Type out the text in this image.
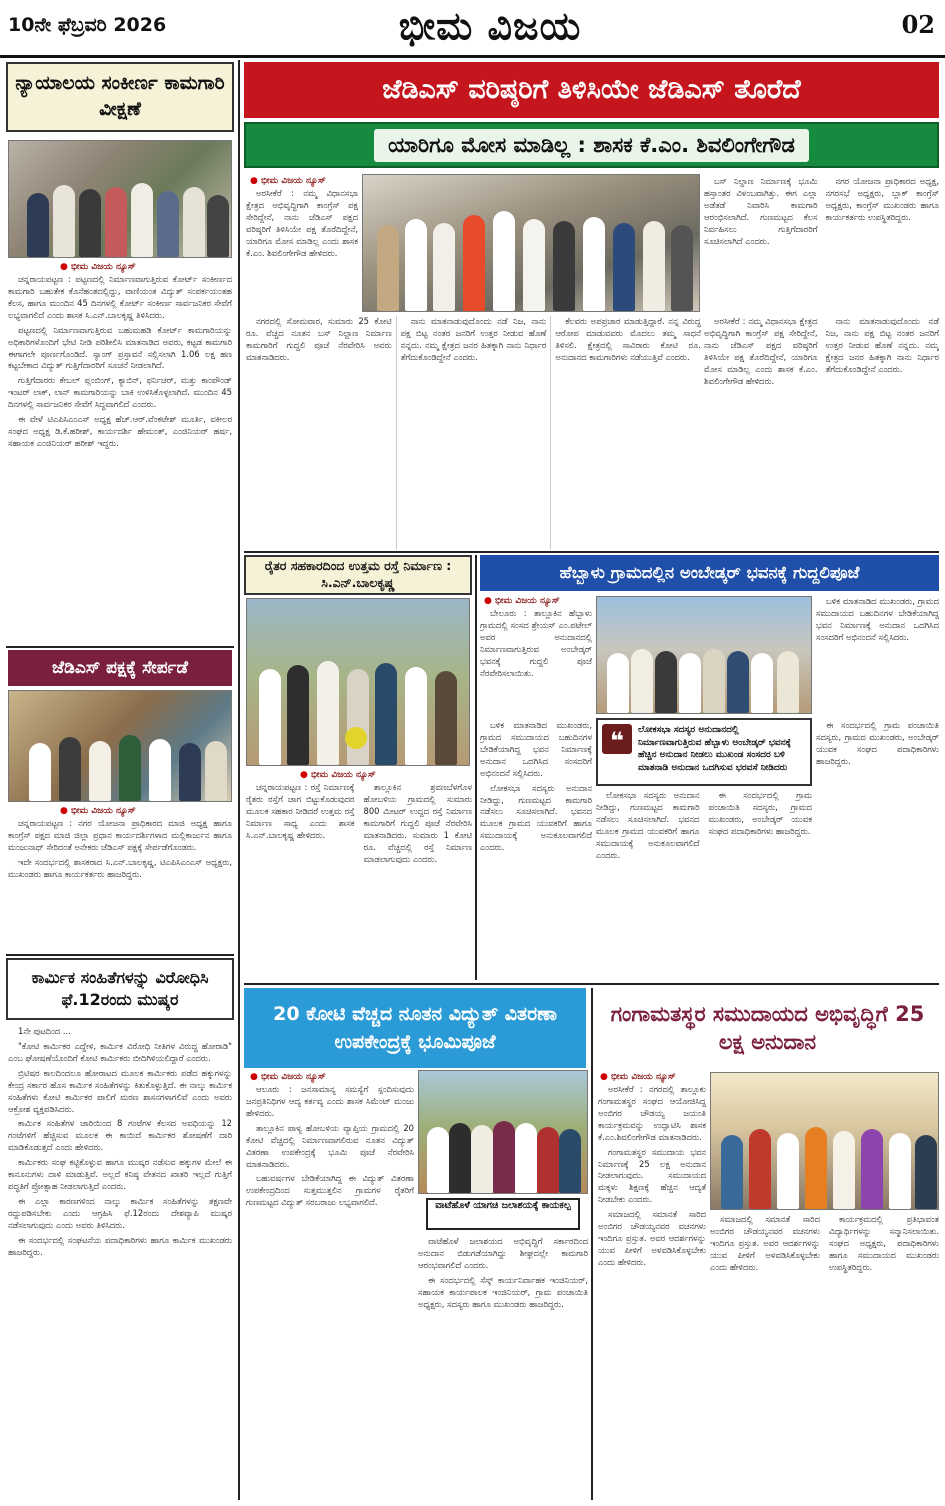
10ನೇ ಫೆಬ್ರವರಿ 2026	ಭೀಮ ವಿಜಯ	02
ನ್ಯಾಯಾಲಯ ಸಂಕೀರ್ಣ ಕಾಮಗಾರಿ ವೀಕ್ಷಣೆ
● ಭೀಮ ವಿಜಯ ನ್ಯೂಸ್

ಚನ್ನರಾಯಪಟ್ಟಣ : ಪಟ್ಟಣದಲ್ಲಿ ನಿರ್ಮಾಣವಾಗುತ್ತಿರುವ ಕೋರ್ಟ್ ಸಂಕೀರ್ಣದ ಕಾಮಗಾರಿ ಬಹುತೇಕ ಕೊನೆಹಂತದಲ್ಲಿದ್ದು, ವಾಣಿಯಂತ ವಿದ್ಯುತ್ ಸಂಪರ್ಕಯಂತಹ ಕೆಲಸ, ಹಾಗೂ ಮುಂದಿನ 45 ದಿನಗಳಲ್ಲಿ ಕೋರ್ಟ್ ಸಂಕೀರ್ಣ ಸಾರ್ವಜನಿಕರ ಸೇವೆಗೆ ಲಭ್ಯವಾಗಲಿದೆ ಎಂದು ಶಾಸಕ ಸಿ.ಎನ್.ಬಾಲಕೃಷ್ಣ ತಿಳಿಸಿದರು.

ಪಟ್ಟಣದಲ್ಲಿ ನಿರ್ಮಾಣವಾಗುತ್ತಿರುವ ಬಹುಮಹಡಿ ಕೋರ್ಟ್ ಕಾಮಗಾರಿಯನ್ನು ಅಧಿಕಾರಿಗಳೊಂದಿಗೆ ಭೇಟಿ ನೀಡಿ ಪರಿಶೀಲಿಸಿ ಮಾತನಾಡಿದ ಅವರು, ಕಟ್ಟಡ ಕಾಮಗಾರಿ ಈಗಾಗಲೇ ಪೂರ್ಣಗೊಂಡಿದೆ. ಸ್ಯಾಂಗ್ ಪ್ರಸ್ತಾವನೆ ಸಲ್ಲಿಸಲಾಗಿ 1.06 ಲಕ್ಷ ಹಣ ಕಟ್ಟಬೇಕಾದ ವಿದ್ಯುತ್ ಗುತ್ತಿಗೆದಾರರಿಗೆ ಸೂಚನೆ ನೀಡಲಾಗಿದೆ.

ಗುತ್ತಿಗೆದಾರರು ಕೇಬಲ್ ಪ್ಲಂಬಿಂಗ್, ಕ್ಯಾಬಿನ್, ಫರ್ನಿಚರ್, ಮತ್ತು ಕಾಂಪೌಂಡ್ ಇಂಟರ್ ಲಾಕ್, ಲಾನ್ ಕಾಮಗಾರಿಯನ್ನು ಬಾಕಿ ಉಳಿಸಿಕೊಳ್ಳಲಾಗಿದೆ. ಮುಂದಿನ 45 ದಿನಗಳಲ್ಲಿ ಸಾರ್ವಜನಿಕರ ಸೇವೆಗೆ ಸಿದ್ಧವಾಗಲಿದೆ ಎಂದರು.

ಈ ವೇಳೆ ಟಿಎಪಿಸಿಎಂಎಸ್ ಅಧ್ಯಕ್ಷ ಹೆಚ್.ಆರ್.ವೆಂಕಟೇಶ್ ಮೂರ್ತಿ, ವಕೀಲರ ಸಂಘದ ಅಧ್ಯಕ್ಷ ಡಿ.ಕೆ.ಹರೀಶ್, ಕಾರ್ಯದರ್ಶಿ ಹೇಮಂತ್, ಎಂಜಿನಿಯರ್ ಹರ್ಷ, ಸಹಾಯಕ ಎಂಜಿನಿಯರ್ ಹರೀಶ್ ಇದ್ದರು.

ಜೆಡಿಎಸ್ ಪಕ್ಷಕ್ಕೆ ಸೇರ್ಪಡೆ
● ಭೀಮ ವಿಜಯ ನ್ಯೂಸ್

ಚನ್ನರಾಯಪಟ್ಟಣ : ನಗರ ಯೋಜನಾ ಪ್ರಾಧಿಕಾರದ ಮಾಜಿ ಅಧ್ಯಕ್ಷ ಹಾಗೂ ಕಾಂಗ್ರೆಸ್ ಪಕ್ಷದ ಮಾಜಿ ಜಿಲ್ಲಾ ಪ್ರಧಾನ ಕಾರ್ಯದರ್ಶಿಗಳಾದ ಮಲ್ಲಿಕಾರ್ಜುನ ಹಾಗೂ ಮಂಜುನಾಥ್ ಸೇರಿದಂತೆ ಅನೇಕರು ಜೆಡಿಎಸ್ ಪಕ್ಷಕ್ಕೆ ಸೇರ್ಪಡೆಗೊಂಡರು.

ಇದೇ ಸಂದರ್ಭದಲ್ಲಿ ಶಾಸಕರಾದ ಸಿ.ಎನ್.ಬಾಲಕೃಷ್ಣ, ಟಿಎಪಿಸಿಎಂಎಸ್ ಅಧ್ಯಕ್ಷರು, ಮುಖಂಡರು ಹಾಗೂ ಕಾರ್ಯಕರ್ತರು ಹಾಜರಿದ್ದರು.

ಕಾರ್ಮಿಕ ಸಂಹಿತೆಗಳನ್ನು ವಿರೋಧಿಸಿ ಫೆ.12ರಂದು ಮುಷ್ಕರ

1ನೇ ಪುಟದಿಂದ ...

"ಕೋಟಿ ಕಾರ್ಮಿಕರ ಎದ್ದೇಳಿ, ಕಾರ್ಮಿಕ ವಿರೋಧಿ ನೀತಿಗಳ ವಿರುದ್ಧ ಹೋರಾಡಿ" ಎಂಬ ಘೋಷಣೆಯೊಂದಿಗೆ ಕೋಟಿ ಕಾರ್ಮಿಕರು ಬೀದಿಗಿಳಿಯಲಿದ್ದಾರೆ ಎಂದರು.

ಬ್ರಿಟಿಷರ ಕಾಲದಿಂದಲೂ ಹೋರಾಟದ ಮೂಲಕ ಕಾರ್ಮಿಕರು ಪಡೆದ ಹಕ್ಕುಗಳನ್ನು ಕೇಂದ್ರ ಸರ್ಕಾರ ಹೊಸ ಕಾರ್ಮಿಕ ಸಂಹಿತೆಗಳನ್ನು ಕಿತುಕೊಳ್ಳುತ್ತಿದೆ. ಈ ನಾಲ್ಕು ಕಾರ್ಮಿಕ ಸಂಹಿತೆಗಳು ಕೋಟಿ ಕಾರ್ಮಿಕರ ಪಾಲಿಗೆ ಮರಣ ಶಾಸನಗಳಾಗಲಿವೆ ಎಂದು ಅವರು ಆಕ್ರೋಶ ವ್ಯಕ್ತಪಡಿಸಿದರು.

ಕಾರ್ಮಿಕ ಸಂಹಿತೆಗಳ ಜಾರಿಯಿಂದ 8 ಗಂಟೆಗಳ ಕೆಲಸದ ಅವಧಿಯನ್ನು 12 ಗಂಟೆಗಳಿಗೆ ಹೆಚ್ಚಿಸುವ ಮೂಲಕ ಈ ಕಾಯಿದೆ ಕಾರ್ಮಿಕರ ಶೋಷಣೆಗೆ ದಾರಿ ಮಾಡಿಕೊಡುತ್ತದೆ ಎಂದು ಹೇಳಿದರು.

ಕಾರ್ಮಿಕರು ಸಂಘ ಕಟ್ಟಿಕೊಳ್ಳುವ ಹಾಗೂ ಮುಷ್ಕರ ನಡೆಸುವ ಹಕ್ಕುಗಳ ಮೇಲೆ ಈ ಕಾನೂನುಗಳು ದಾಳಿ ಮಾಡುತ್ತಿವೆ. ಅಲ್ಲದೆ ಕನಿಷ್ಠ ವೇತನದ ಖಾತರಿ ಇಲ್ಲದೆ ಗುತ್ತಿಗೆ ಪದ್ಧತಿಗೆ ಪ್ರೋತ್ಸಾಹ ನೀಡಲಾಗುತ್ತಿದೆ ಎಂದರು.

ಈ ಎಲ್ಲಾ ಕಾರಣಗಳಿಂದ ನಾಲ್ಕು ಕಾರ್ಮಿಕ ಸಂಹಿತೆಗಳನ್ನು ತಕ್ಷಣವೇ ರದ್ದುಪಡಿಸಬೇಕು ಎಂದು ಆಗ್ರಹಿಸಿ ಫೆ.12ರಂದು ದೇಶವ್ಯಾಪಿ ಮುಷ್ಕರ ನಡೆಸಲಾಗುವುದು ಎಂದು ಅವರು ತಿಳಿಸಿದರು.

ಈ ಸಂದರ್ಭದಲ್ಲಿ ಸಂಘಟನೆಯ ಪದಾಧಿಕಾರಿಗಳು ಹಾಗೂ ಕಾರ್ಮಿಕ ಮುಖಂಡರು ಹಾಜರಿದ್ದರು.

ಜೆಡಿಎಸ್ ವರಿಷ್ಠರಿಗೆ ತಿಳಿಸಿಯೇ ಜೆಡಿಎಸ್ ತೊರೆದೆ
ಯಾರಿಗೂ ಮೋಸ ಮಾಡಿಲ್ಲ : ಶಾಸಕ ಕೆ.ಎಂ. ಶಿವಲಿಂಗೇಗೌಡ
● ಭೀಮ ವಿಜಯ ನ್ಯೂಸ್

ಅರಸೀಕೆರೆ : ನಮ್ಮ ವಿಧಾನಸಭಾ ಕ್ಷೇತ್ರದ ಅಭಿವೃದ್ಧಿಗಾಗಿ ಕಾಂಗ್ರೆಸ್ ಪಕ್ಷ ಸೇರಿದ್ದೇನೆ, ನಾನು ಜೆಡಿಎಸ್ ಪಕ್ಷದ ವರಿಷ್ಠರಿಗೆ ತಿಳಿಸಿಯೇ ಪಕ್ಷ ತೊರೆದಿದ್ದೇನೆ, ಯಾರಿಗೂ ಮೋಸ ಮಾಡಿಲ್ಲ ಎಂದು ಶಾಸಕ ಕೆ.ಎಂ. ಶಿವಲಿಂಗೇಗೌಡ ಹೇಳಿದರು.

ಬಸ್ ನಿಲ್ದಾಣ ನಿರ್ಮಾಣಕ್ಕೆ ಭೂಮಿ ಹಸ್ತಾಂತರ ವಿಳಂಬವಾಗಿತ್ತು. ಈಗ ಎಲ್ಲಾ ಅಡೆತಡೆ ನಿವಾರಿಸಿ ಕಾಮಗಾರಿ ಆರಂಭಿಸಲಾಗಿದೆ. ಗುಣಮಟ್ಟದ ಕೆಲಸ ನಿರ್ವಹಿಸಲು ಗುತ್ತಿಗೆದಾರರಿಗೆ ಸೂಚಿಸಲಾಗಿದೆ ಎಂದರು.

ನಗರ ಯೋಜನಾ ಪ್ರಾಧಿಕಾರದ ಅಧ್ಯಕ್ಷ, ನಗರಸಭೆ ಅಧ್ಯಕ್ಷರು, ಬ್ಲಾಕ್ ಕಾಂಗ್ರೆಸ್ ಅಧ್ಯಕ್ಷರು, ಕಾಂಗ್ರೆಸ್ ಮುಖಂಡರು ಹಾಗೂ ಕಾರ್ಯಕರ್ತರು ಉಪಸ್ಥಿತರಿದ್ದರು.

ನಗರದಲ್ಲಿ ಸೋಮವಾರ, ಸುಮಾರು 25 ಕೋಟಿ ರೂ. ವೆಚ್ಚದ ನೂತನ ಬಸ್ ನಿಲ್ದಾಣ ನಿರ್ಮಾಣ ಕಾಮಗಾರಿಗೆ ಗುದ್ದಲಿ ಪೂಜೆ ನೆರವೇರಿಸಿ ಅವರು ಮಾತನಾಡಿದರು.

ನಾನು ಮಾತನಾಡುವುದೊಂದು ನಡೆ ನಿಜ, ನಾನು ಪಕ್ಷ ಬಿಟ್ಟ ನಂತರ ಜನರಿಗೆ ಉತ್ತರ ನೀಡುವ ಹೊಣೆ ನನ್ನದು. ನಮ್ಮ ಕ್ಷೇತ್ರದ ಜನರ ಹಿತಕ್ಕಾಗಿ ನಾನು ನಿರ್ಧಾರ ತೆಗೆದುಕೊಂಡಿದ್ದೇನೆ ಎಂದರು.

ಕೆಲವರು ಅಪಪ್ರಚಾರ ಮಾಡುತ್ತಿದ್ದಾರೆ. ನನ್ನ ವಿರುದ್ಧ ಆರೋಪ ಮಾಡುವವರು ಮೊದಲು ತಮ್ಮ ಸಾಧನೆ ತಿಳಿಸಲಿ. ಕ್ಷೇತ್ರದಲ್ಲಿ ಸಾವಿರಾರು ಕೋಟಿ ರೂ. ಅನುದಾನದ ಕಾಮಗಾರಿಗಳು ನಡೆಯುತ್ತಿವೆ ಎಂದರು.

ಅರಸೀಕೆರೆ : ನಮ್ಮ ವಿಧಾನಸಭಾ ಕ್ಷೇತ್ರದ ಅಭಿವೃದ್ಧಿಗಾಗಿ ಕಾಂಗ್ರೆಸ್ ಪಕ್ಷ ಸೇರಿದ್ದೇನೆ, ನಾನು ಜೆಡಿಎಸ್ ಪಕ್ಷದ ವರಿಷ್ಠರಿಗೆ ತಿಳಿಸಿಯೇ ಪಕ್ಷ ತೊರೆದಿದ್ದೇನೆ, ಯಾರಿಗೂ ಮೋಸ ಮಾಡಿಲ್ಲ ಎಂದು ಶಾಸಕ ಕೆ.ಎಂ. ಶಿವಲಿಂಗೇಗೌಡ ಹೇಳಿದರು.

ನಾನು ಮಾತನಾಡುವುದೊಂದು ನಡೆ ನಿಜ, ನಾನು ಪಕ್ಷ ಬಿಟ್ಟ ನಂತರ ಜನರಿಗೆ ಉತ್ತರ ನೀಡುವ ಹೊಣೆ ನನ್ನದು. ನಮ್ಮ ಕ್ಷೇತ್ರದ ಜನರ ಹಿತಕ್ಕಾಗಿ ನಾನು ನಿರ್ಧಾರ ತೆಗೆದುಕೊಂಡಿದ್ದೇನೆ ಎಂದರು.

ರೈತರ ಸಹಕಾರದಿಂದ ಉತ್ತಮ ರಸ್ತೆ ನಿರ್ಮಾಣ : ಸಿ.ಎನ್.ಬಾಲಕೃಷ್ಣ
● ಭೀಮ ವಿಜಯ ನ್ಯೂಸ್

ಚನ್ನರಾಯಪಟ್ಟಣ : ರಸ್ತೆ ನಿರ್ಮಾಣಕ್ಕೆ ರೈತರು ರಸ್ತೆಗೆ ಜಾಗ ಬಿಟ್ಟುಕೊಡುವುದರ ಮೂಲಕ ಸಹಕಾರ ನೀಡಿದರೆ ಉತ್ತಮ ರಸ್ತೆ ನಿರ್ಮಾಣ ಸಾಧ್ಯ ಎಂದು ಶಾಸಕ ಸಿ.ಎನ್.ಬಾಲಕೃಷ್ಣ ಹೇಳಿದರು.

ತಾಲ್ಲೂಕಿನ ಶ್ರವಣಬೆಳಗೊಳ ಹೋಬಳಿಯ ಗ್ರಾಮದಲ್ಲಿ ಸುಮಾರು 800 ಮೀಟರ್ ಉದ್ದದ ರಸ್ತೆ ನಿರ್ಮಾಣ ಕಾಮಗಾರಿಗೆ ಗುದ್ದಲಿ ಪೂಜೆ ನೆರವೇರಿಸಿ ಮಾತನಾಡಿದರು. ಸುಮಾರು 1 ಕೋಟಿ ರೂ. ವೆಚ್ಚದಲ್ಲಿ ರಸ್ತೆ ನಿರ್ಮಾಣ ಮಾಡಲಾಗುವುದು ಎಂದರು.

ಹೆಬ್ಬಾಳು ಗ್ರಾಮದಲ್ಲಿನ ಅಂಬೇಡ್ಕರ್ ಭವನಕ್ಕೆ ಗುದ್ದಲಿಪೂಜೆ
● ಭೀಮ ವಿಜಯ ನ್ಯೂಸ್

ಬೇಲೂರು : ತಾಲ್ಲೂಕಿನ ಹೆಬ್ಬಾಳು ಗ್ರಾಮದಲ್ಲಿ ಸಂಸದ ಶ್ರೇಯಸ್ ಎಂ.ಪಟೇಲ್ ಅವರ ಅನುದಾನದಲ್ಲಿ ನಿರ್ಮಾಣವಾಗುತ್ತಿರುವ ಅಂಬೇಡ್ಕರ್ ಭವನಕ್ಕೆ ಗುದ್ದಲಿ ಪೂಜೆ ನೆರವೇರಿಸಲಾಯಿತು.

ಬಳಿಕ ಮಾತನಾಡಿದ ಮುಖಂಡರು, ಗ್ರಾಮದ ಸಮುದಾಯದ ಬಹುದಿನಗಳ ಬೇಡಿಕೆಯಾಗಿದ್ದ ಭವನ ನಿರ್ಮಾಣಕ್ಕೆ ಅನುದಾನ ಒದಗಿಸಿದ ಸಂಸದರಿಗೆ ಅಭಿನಂದನೆ ಸಲ್ಲಿಸಿದರು.

❝	ಲೋಕಸಭಾ ಸದಸ್ಯರ ಅನುದಾನದಲ್ಲಿ ನಿರ್ಮಾಣವಾಗುತ್ತಿರುವ ಹೆಬ್ಬಾಳು ಅಂಬೇಡ್ಕರ್ ಭವನಕ್ಕೆ ಹೆಚ್ಚಿನ ಅನುದಾನ ನೀಡಲು ಮುಖಂಡ ಸಂಸದರ ಬಳಿ ಮಾತನಾಡಿ ಅನುದಾನ ಒದಗಿಸುವ ಭರವಸೆ ನೀಡಿದರು

ಬಳಿಕ ಮಾತನಾಡಿದ ಮುಖಂಡರು, ಗ್ರಾಮದ ಸಮುದಾಯದ ಬಹುದಿನಗಳ ಬೇಡಿಕೆಯಾಗಿದ್ದ ಭವನ ನಿರ್ಮಾಣಕ್ಕೆ ಅನುದಾನ ಒದಗಿಸಿದ ಸಂಸದರಿಗೆ ಅಭಿನಂದನೆ ಸಲ್ಲಿಸಿದರು.

ಲೋಕಸಭಾ ಸದಸ್ಯರು ಅನುದಾನ ನೀಡಿದ್ದು, ಗುಣಮಟ್ಟದ ಕಾಮಗಾರಿ ನಡೆಸಲು ಸೂಚಿಸಲಾಗಿದೆ. ಭವನದ ಮೂಲಕ ಗ್ರಾಮದ ಯುವಕರಿಗೆ ಹಾಗೂ ಸಮುದಾಯಕ್ಕೆ ಅನುಕೂಲವಾಗಲಿದೆ ಎಂದರು.

ಲೋಕಸಭಾ ಸದಸ್ಯರು ಅನುದಾನ ನೀಡಿದ್ದು, ಗುಣಮಟ್ಟದ ಕಾಮಗಾರಿ ನಡೆಸಲು ಸೂಚಿಸಲಾಗಿದೆ. ಭವನದ ಮೂಲಕ ಗ್ರಾಮದ ಯುವಕರಿಗೆ ಹಾಗೂ ಸಮುದಾಯಕ್ಕೆ ಅನುಕೂಲವಾಗಲಿದೆ ಎಂದರು.

ಈ ಸಂದರ್ಭದಲ್ಲಿ ಗ್ರಾಮ ಪಂಚಾಯಿತಿ ಸದಸ್ಯರು, ಗ್ರಾಮದ ಮುಖಂಡರು, ಅಂಬೇಡ್ಕರ್ ಯುವಕ ಸಂಘದ ಪದಾಧಿಕಾರಿಗಳು ಹಾಜರಿದ್ದರು.

ಈ ಸಂದರ್ಭದಲ್ಲಿ ಗ್ರಾಮ ಪಂಚಾಯಿತಿ ಸದಸ್ಯರು, ಗ್ರಾಮದ ಮುಖಂಡರು, ಅಂಬೇಡ್ಕರ್ ಯುವಕ ಸಂಘದ ಪದಾಧಿಕಾರಿಗಳು ಹಾಜರಿದ್ದರು.

20 ಕೋಟಿ ವೆಚ್ಚದ ನೂತನ ವಿದ್ಯುತ್ ವಿತರಣಾ ಉಪಕೇಂದ್ರಕ್ಕೆ ಭೂಮಿಪೂಜೆ
● ಭೀಮ ವಿಜಯ ನ್ಯೂಸ್

ಆಲೂರು : ಜನಸಾಮಾನ್ಯ ಸಮಸ್ಯೆಗೆ ಸ್ಪಂದಿಸುವುದು ಜನಪ್ರತಿನಿಧಿಗಳ ಆದ್ಯ ಕರ್ತವ್ಯ ಎಂದು ಶಾಸಕ ಸಿಮೆಂಟ್ ಮಂಜು ಹೇಳಿದರು.

ತಾಲ್ಲೂಕಿನ ಪಾಳ್ಯ ಹೋಬಳಿಯ ವ್ಯಾಪ್ತಿಯ ಗ್ರಾಮದಲ್ಲಿ 20 ಕೋಟಿ ವೆಚ್ಚದಲ್ಲಿ ನಿರ್ಮಾಣವಾಗಲಿರುವ ನೂತನ ವಿದ್ಯುತ್ ವಿತರಣಾ ಉಪಕೇಂದ್ರಕ್ಕೆ ಭೂಮಿ ಪೂಜೆ ನೆರವೇರಿಸಿ ಮಾತನಾಡಿದರು.

ಬಹುವರ್ಷಗಳ ಬೇಡಿಕೆಯಾಗಿದ್ದ ಈ ವಿದ್ಯುತ್ ವಿತರಣಾ ಉಪಕೇಂದ್ರದಿಂದ ಸುತ್ತಮುತ್ತಲಿನ ಗ್ರಾಮಗಳ ರೈತರಿಗೆ ಗುಣಮಟ್ಟದ ವಿದ್ಯುತ್ ಸರಬರಾಜು ಲಭ್ಯವಾಗಲಿದೆ.	ವಾಟೆಹೊಳೆ ಯಾಗಚಿ ಜಲಾಶಯಕ್ಕೆ ಕಾಯಕಲ್ಪ

ವಾಟೆಹೊಳೆ ಜಲಾಶಯದ ಅಭಿವೃದ್ಧಿಗೆ ಸರ್ಕಾರದಿಂದ ಅನುದಾನ ಬಿಡುಗಡೆಯಾಗಿದ್ದು ಶೀಘ್ರದಲ್ಲೇ ಕಾಮಗಾರಿ ಆರಂಭವಾಗಲಿದೆ ಎಂದರು.

ಈ ಸಂದರ್ಭದಲ್ಲಿ ಸೆಸ್ಕ್ ಕಾರ್ಯನಿರ್ವಾಹಕ ಇಂಜಿನಿಯರ್, ಸಹಾಯಕ ಕಾರ್ಯಪಾಲಕ ಇಂಜಿನಿಯರ್, ಗ್ರಾಮ ಪಂಚಾಯಿತಿ ಅಧ್ಯಕ್ಷರು, ಸದಸ್ಯರು ಹಾಗೂ ಮುಖಂಡರು ಹಾಜರಿದ್ದರು.

ಗಂಗಾಮತಸ್ಥರ ಸಮುದಾಯದ ಅಭಿವೃದ್ಧಿಗೆ 25 ಲಕ್ಷ ಅನುದಾನ
● ಭೀಮ ವಿಜಯ ನ್ಯೂಸ್

ಅರಸೀಕೆರೆ : ನಗರದಲ್ಲಿ ತಾಲ್ಲೂಕು ಗಂಗಾಮತಸ್ಥರ ಸಂಘದ ಆಯೋಜಿಸಿದ್ದ ಅಂಬಿಗರ ಚೌಡಯ್ಯ ಜಯಂತಿ ಕಾರ್ಯಕ್ರಮವನ್ನು ಉದ್ಘಾಟಿಸಿ ಶಾಸಕ ಕೆ.ಎಂ.ಶಿವಲಿಂಗೇಗೌಡ ಮಾತನಾಡಿದರು.

ಗಂಗಾಮತಸ್ಥರ ಸಮುದಾಯ ಭವನ ನಿರ್ಮಾಣಕ್ಕೆ 25 ಲಕ್ಷ ಅನುದಾನ ನೀಡಲಾಗುವುದು. ಸಮುದಾಯದ ಮಕ್ಕಳು ಶಿಕ್ಷಣಕ್ಕೆ ಹೆಚ್ಚಿನ ಆದ್ಯತೆ ನೀಡಬೇಕು ಎಂದರು.

ಸಮಾಜದಲ್ಲಿ ಸಮಾನತೆ ಸಾರಿದ ಅಂಬಿಗರ ಚೌಡಯ್ಯನವರ ವಚನಗಳು ಇಂದಿಗೂ ಪ್ರಸ್ತುತ. ಅವರ ಆದರ್ಶಗಳನ್ನು ಯುವ ಪೀಳಿಗೆ ಅಳವಡಿಸಿಕೊಳ್ಳಬೇಕು ಎಂದು ಹೇಳಿದರು.

ಸಮಾಜದಲ್ಲಿ ಸಮಾನತೆ ಸಾರಿದ ಅಂಬಿಗರ ಚೌಡಯ್ಯನವರ ವಚನಗಳು ಇಂದಿಗೂ ಪ್ರಸ್ತುತ. ಅವರ ಆದರ್ಶಗಳನ್ನು ಯುವ ಪೀಳಿಗೆ ಅಳವಡಿಸಿಕೊಳ್ಳಬೇಕು ಎಂದು ಹೇಳಿದರು.

ಕಾರ್ಯಕ್ರಮದಲ್ಲಿ ಪ್ರತಿಭಾವಂತ ವಿದ್ಯಾರ್ಥಿಗಳನ್ನು ಸನ್ಮಾನಿಸಲಾಯಿತು. ಸಂಘದ ಅಧ್ಯಕ್ಷರು, ಪದಾಧಿಕಾರಿಗಳು ಹಾಗೂ ಸಮುದಾಯದ ಮುಖಂಡರು ಉಪಸ್ಥಿತರಿದ್ದರು.
